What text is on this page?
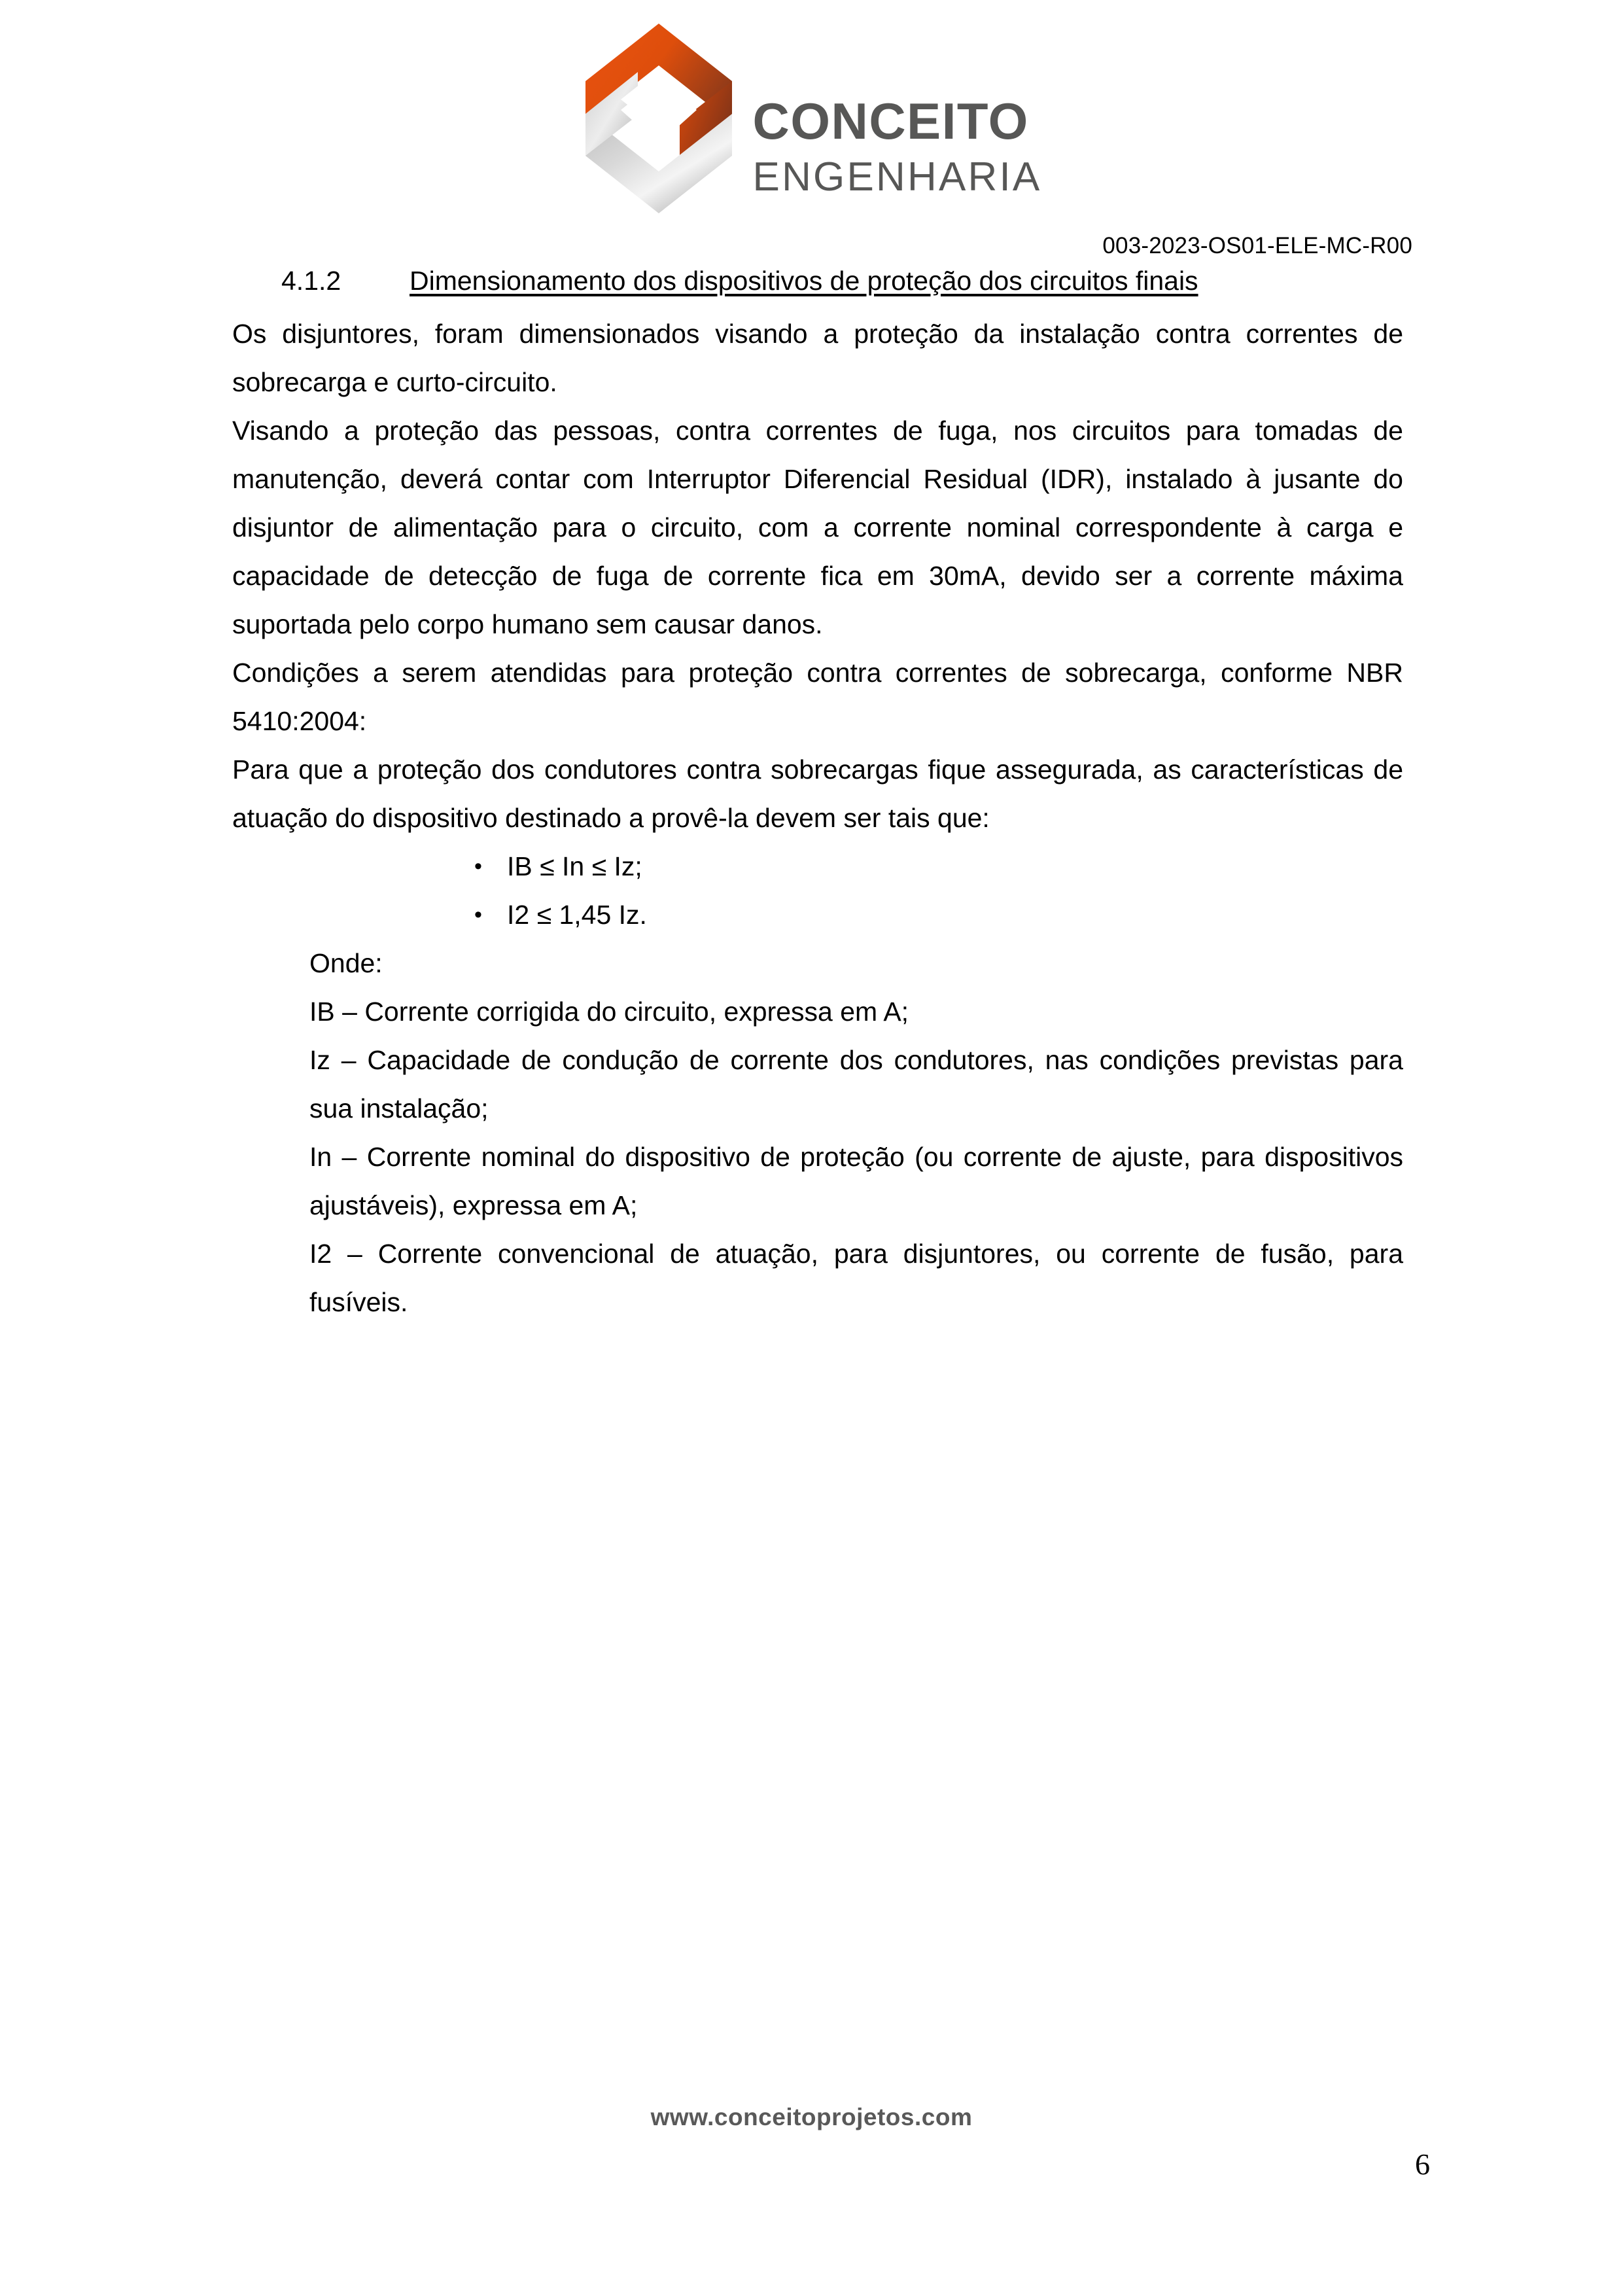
CONCEITO
ENGENHARIA
003-2023-OS01-ELE-MC-R00
4.1.2	Dimensionamento dos dispositivos de proteção dos circuitos finais

Os disjuntores, foram dimensionados visando a proteção da instalação contra correntes de sobrecarga e curto-circuito.

Visando a proteção das pessoas, contra correntes de fuga, nos circuitos para tomadas de manutenção, deverá contar com Interruptor Diferencial Residual (IDR), instalado à jusante do disjuntor de alimentação para o circuito, com a corrente nominal correspondente à carga e capacidade de detecção de fuga de corrente fica em 30mA, devido ser a corrente máxima suportada pelo corpo humano sem causar danos.

Condições a serem atendidas para proteção contra correntes de sobrecarga, conforme NBR 5410:2004:

Para que a proteção dos condutores contra sobrecargas fique assegurada, as características de atuação do dispositivo destinado a provê-la devem ser tais que:

• IB ≤ In ≤ Iz;
• I2 ≤ 1,45 Iz.

Onde:

IB – Corrente corrigida do circuito, expressa em A;

Iz – Capacidade de condução de corrente dos condutores, nas condições previstas para sua instalação;

In – Corrente nominal do dispositivo de proteção (ou corrente de ajuste, para dispositivos ajustáveis), expressa em A;

I2 – Corrente convencional de atuação, para disjuntores, ou corrente de fusão, para fusíveis.

www.conceitoprojetos.com
6
